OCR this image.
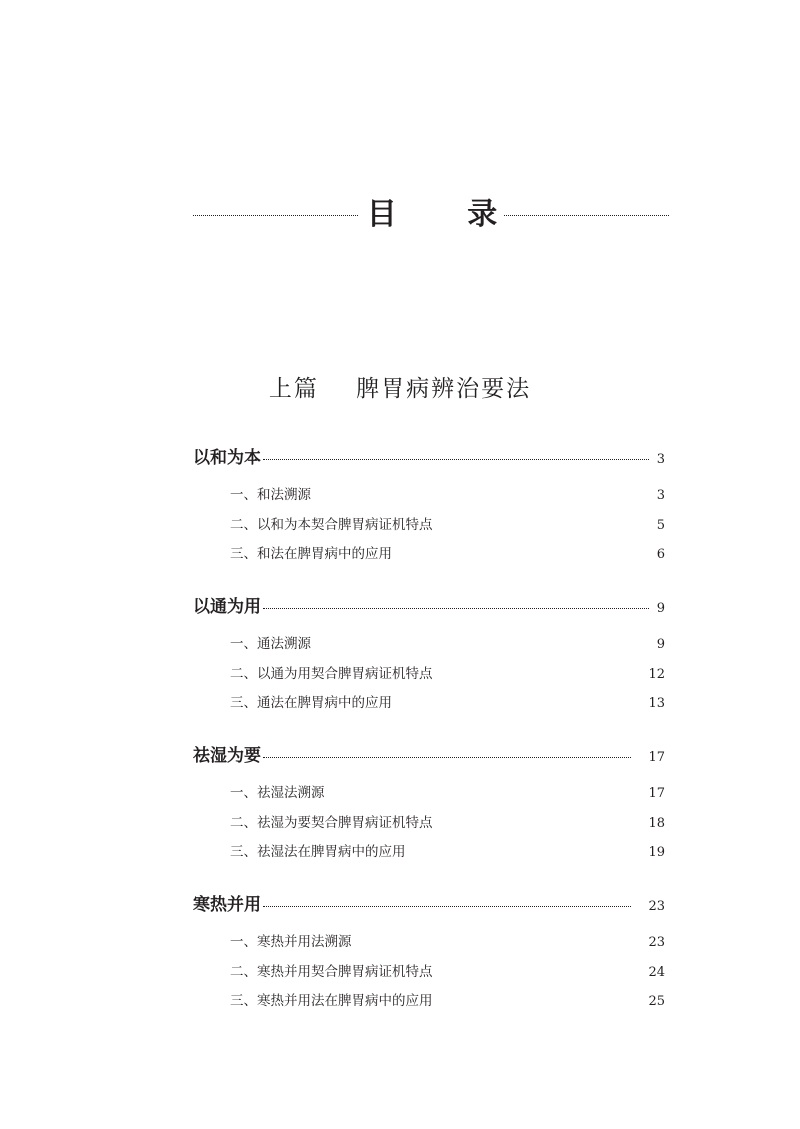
目 录
上篇    脾胃病辨治要法
以和为本	3
一、和法溯源	3
二、以和为本契合脾胃病证机特点	5
三、和法在脾胃病中的应用	6
以通为用	9
一、通法溯源	9
二、以通为用契合脾胃病证机特点	12
三、通法在脾胃病中的应用	13
祛湿为要	17
一、祛湿法溯源	17
二、祛湿为要契合脾胃病证机特点	18
三、祛湿法在脾胃病中的应用	19
寒热并用	23
一、寒热并用法溯源	23
二、寒热并用契合脾胃病证机特点	24
三、寒热并用法在脾胃病中的应用	25
